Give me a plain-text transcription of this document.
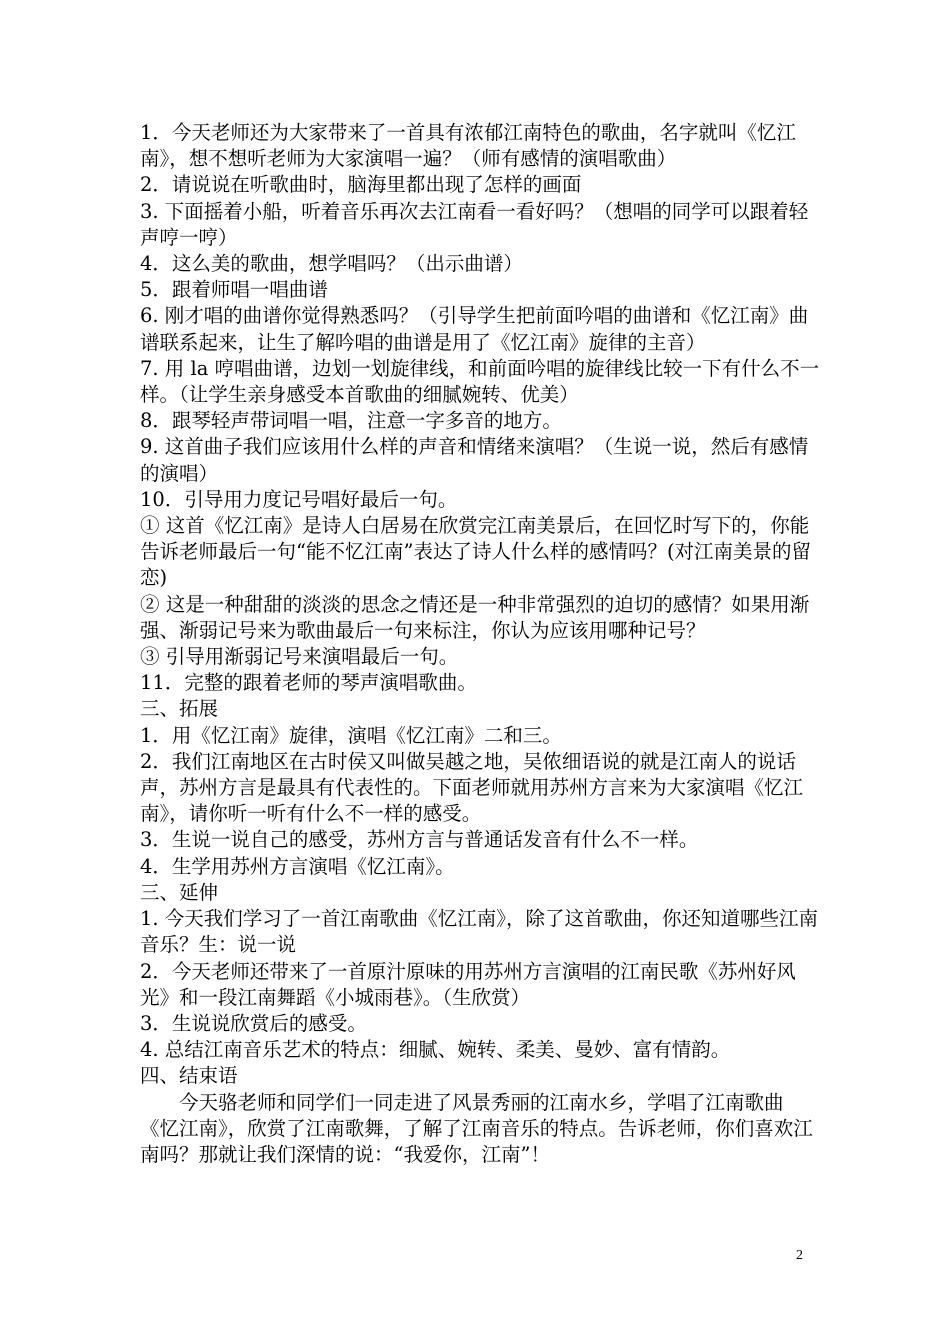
1．今天老师还为大家带来了一首具有浓郁江南特色的歌曲，名字就叫《忆江南》，想不想听老师为大家演唱一遍？（师有感情的演唱歌曲）

2．请说说在听歌曲时，脑海里都出现了怎样的画面

3. 下面摇着小船，听着音乐再次去江南看一看好吗？（想唱的同学可以跟着轻声哼一哼）

4．这么美的歌曲，想学唱吗？（出示曲谱）

5．跟着师唱一唱曲谱

6. 刚才唱的曲谱你觉得熟悉吗？（引导学生把前面吟唱的曲谱和《忆江南》曲谱联系起来，让生了解吟唱的曲谱是用了《忆江南》旋律的主音）

7. 用 la 哼唱曲谱，边划一划旋律线，和前面吟唱的旋律线比较一下有什么不一样。（让学生亲身感受本首歌曲的细腻婉转、优美）

8．跟琴轻声带词唱一唱，注意一字多音的地方。

9. 这首曲子我们应该用什么样的声音和情绪来演唱？（生说一说，然后有感情的演唱）

10．引导用力度记号唱好最后一句。

① 这首《忆江南》是诗人白居易在欣赏完江南美景后，在回忆时写下的，你能告诉老师最后一句“能不忆江南”表达了诗人什么样的感情吗？(对江南美景的留恋)

② 这是一种甜甜的淡淡的思念之情还是一种非常强烈的迫切的感情？如果用渐强、渐弱记号来为歌曲最后一句来标注，你认为应该用哪种记号？

③ 引导用渐弱记号来演唱最后一句。

11．完整的跟着老师的琴声演唱歌曲。

三、拓展

1．用《忆江南》旋律，演唱《忆江南》二和三。

2．我们江南地区在古时侯又叫做吴越之地，吴侬细语说的就是江南人的说话声，苏州方言是最具有代表性的。下面老师就用苏州方言来为大家演唱《忆江南》，请你听一听有什么不一样的感受。

3．生说一说自己的感受，苏州方言与普通话发音有什么不一样。

4．生学用苏州方言演唱《忆江南》。

三、延伸

1. 今天我们学习了一首江南歌曲《忆江南》，除了这首歌曲，你还知道哪些江南音乐？生：说一说

2．今天老师还带来了一首原汁原味的用苏州方言演唱的江南民歌《苏州好风光》和一段江南舞蹈《小城雨巷》。（生欣赏）

3．生说说欣赏后的感受。

4. 总结江南音乐艺术的特点：细腻、婉转、柔美、曼妙、富有情韵。

四、结束语

今天骆老师和同学们一同走进了风景秀丽的江南水乡，学唱了江南歌曲《忆江南》，欣赏了江南歌舞，了解了江南音乐的特点。告诉老师，你们喜欢江南吗？那就让我们深情的说：“我爱你，江南”！

2
